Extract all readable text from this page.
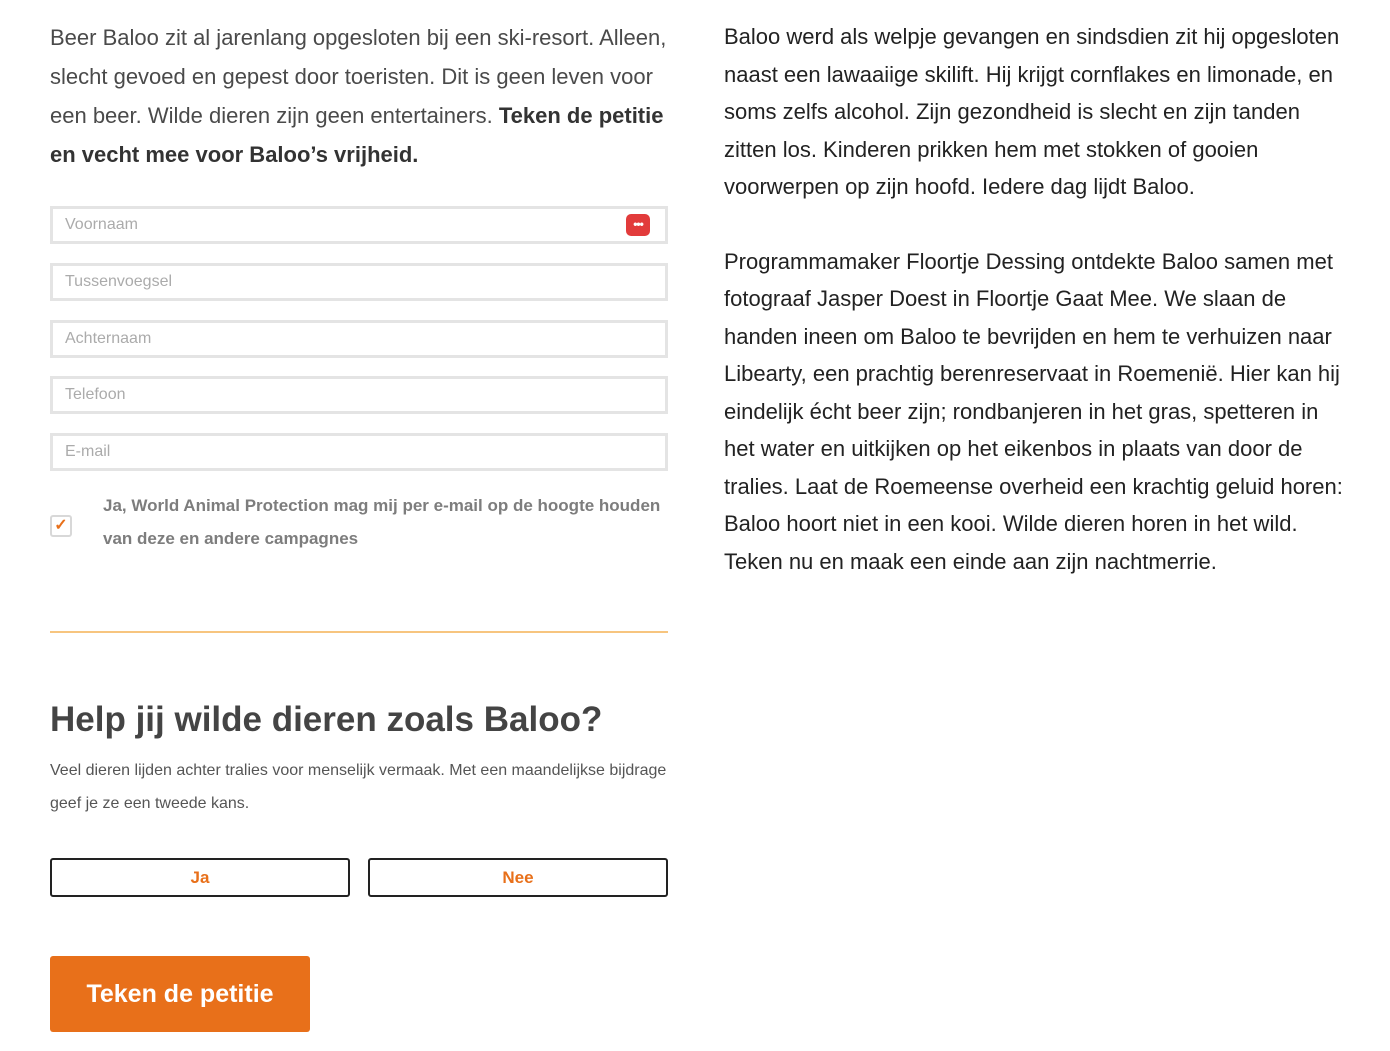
Beer Baloo zit al jarenlang opgesloten bij een ski-resort. Alleen, slecht gevoed en gepest door toeristen. Dit is geen leven voor een beer. Wilde dieren zijn geen entertainers. Teken de petitie en vecht mee voor Baloo’s vrijheid.

Voornaam
•••
Tussenvoegsel
Achternaam
Telefoon
E-mail
✓

Ja, World Animal Protection mag mij per e-mail op de hoogte houden van deze en andere campagnes

Help jij wilde dieren zoals Baloo?

Veel dieren lijden achter tralies voor menselijk vermaak. Met een maandelijkse bijdrage geef je ze een tweede kans.

Ja	Nee
Teken de petitie

Baloo werd als welpje gevangen en sindsdien zit hij opgesloten naast een lawaaiige skilift. Hij krijgt cornflakes en limonade, en soms zelfs alcohol. Zijn gezondheid is slecht en zijn tanden zitten los. Kinderen prikken hem met stokken of gooien voorwerpen op zijn hoofd. Iedere dag lijdt Baloo.

Programmamaker Floortje Dessing ontdekte Baloo samen met fotograaf Jasper Doest in Floortje Gaat Mee. We slaan de handen ineen om Baloo te bevrijden en hem te verhuizen naar Libearty, een prachtig berenreservaat in Roemenië. Hier kan hij eindelijk écht beer zijn; rondbanjeren in het gras, spetteren in het water en uitkijken op het eikenbos in plaats van door de tralies. Laat de Roemeense overheid een krachtig geluid horen: Baloo hoort niet in een kooi. Wilde dieren horen in het wild. Teken nu en maak een einde aan zijn nachtmerrie.
